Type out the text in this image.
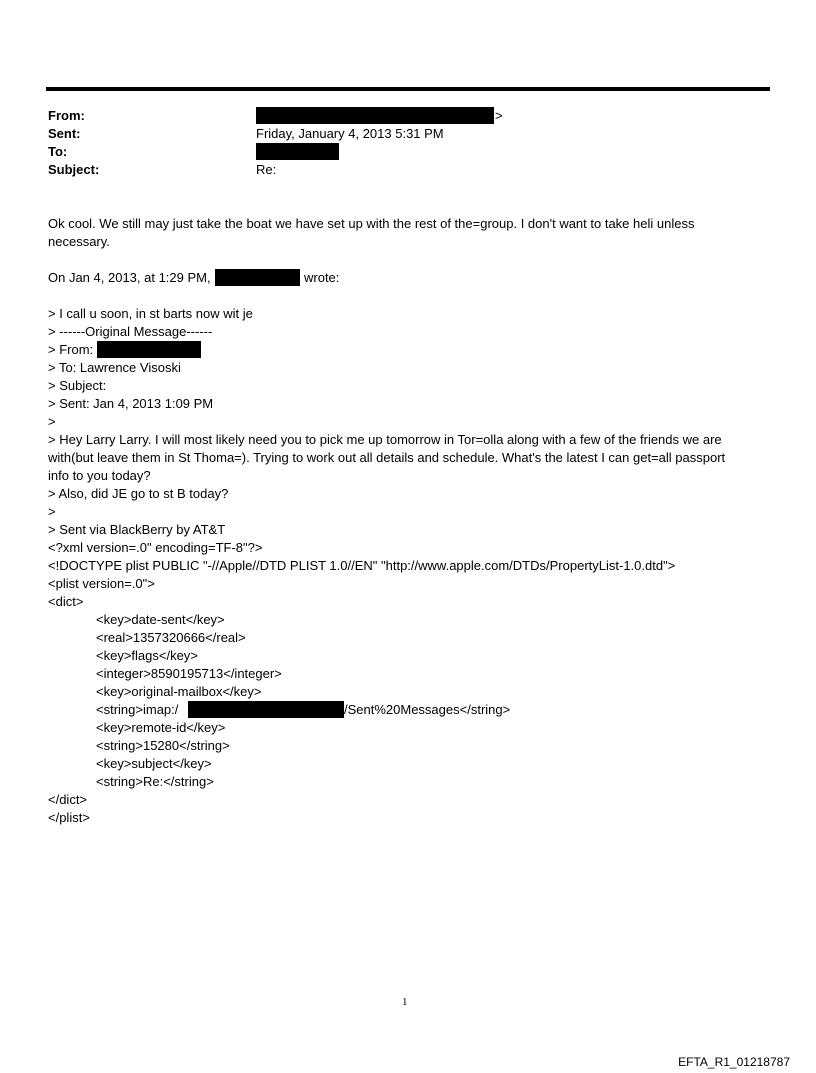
From:	>
Sent:	Friday, January 4, 2013 5:31 PM
To:
Subject:	Re:
Ok cool. We still may just take the boat we have set up with the rest of the=group. I don't want to take heli unless
necessary.
On Jan 4, 2013, at 1:29 PM,	wrote:
> I call u soon, in st barts now wit je
> ------Original Message------
> From:
> To: Lawrence Visoski
> Subject:
> Sent: Jan 4, 2013 1:09 PM
>
> Hey Larry Larry. I will most likely need you to pick me up tomorrow in Tor=olla along with a few of the friends we are
with(but leave them in St Thoma=). Trying to work out all details and schedule. What's the latest I can get=all passport
info to you today?
> Also, did JE go to st B today?
>
> Sent via BlackBerry by AT&T
<?xml version=.0" encoding=TF-8"?>
<!DOCTYPE plist PUBLIC "-//Apple//DTD PLIST 1.0//EN" "http://www.apple.com/DTDs/PropertyList-1.0.dtd">
<plist version=.0">
<dict>
<key>date-sent</key>
<real>1357320666</real>
<key>flags</key>
<integer>8590195713</integer>
<key>original-mailbox</key>
<string>imap:/	/Sent%20Messages</string>
<key>remote-id</key>
<string>15280</string>
<key>subject</key>
<string>Re:</string>
</dict>
</plist>
1
EFTA_R1_01218787
